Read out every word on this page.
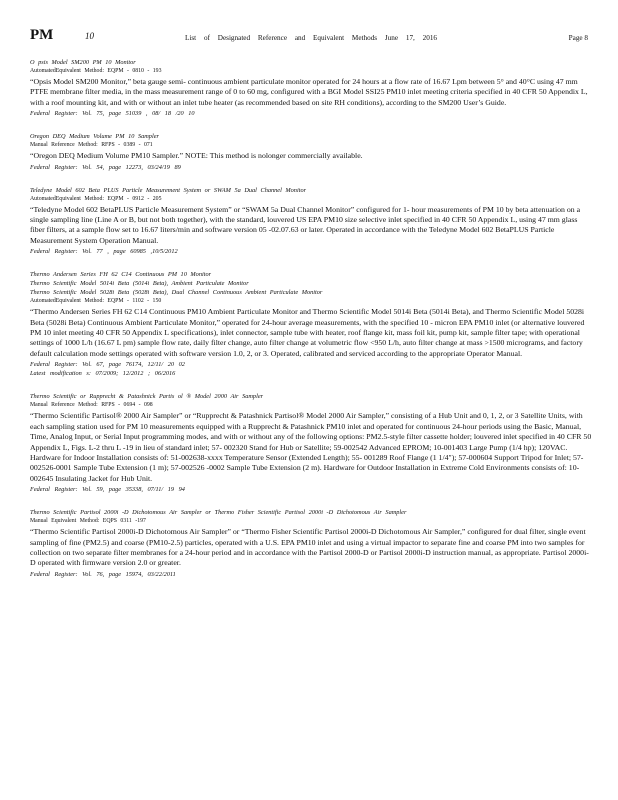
PM	10	List of Designated Reference and Equivalent Methods June 17, 2016	Page 8
O psis Model SM200 PM 10 Monitor
AutomatedEquivalent Method: EQPM - 0810 - 193
“Opsis Model SM200 Monitor,” beta gauge semi- continuous ambient particulate monitor operated for 24 hours at a flow rate of 16.67 Lpm between 5° and 40°C using 47 mm PTFE membrane filter media, in the mass measurement range of 0 to 60 mg, configured with a BGI Model SSI25 PM10 inlet meeting criteria specified in 40 CFR 50 Appendix L, with a roof mounting kit, and with or without an inlet tube heater (as recommended based on site RH conditions), according to the SM200 User’s Guide.
Federal Register: Vol. 75, page 51039 , 08/ 18 /20 10
Oregon DEQ Medium Volume PM 10 Sampler
Manual Reference Method: RFPS - 0389 - 071
“Oregon DEQ Medium Volume PM10 Sampler.” NOTE: This method is nolonger commercially available.
Federal Register: Vol. 54, page 12273, 03/24/19 89
Teledyne Model 602 Beta PLUS Particle Measurement System or SWAM 5a Dual Channel Monitor
AutomatedEquivalent Method: EQPM - 0912 - 205
“Teledyne Model 602 BetaPLUS Particle Measurement System” or “SWAM 5a Dual Channel Monitor” configured for 1- hour measurements of PM 10 by beta attenuation on a single sampling line (Line A or B, but not both together), with the standard, louvered US EPA PM10 size selective inlet specified in 40 CFR 50 Appendix L, using 47 mm glass fiber filters, at a sample flow set to 16.67 liters/min and software version 05 -02.07.63 or later. Operated in accordance with the Teledyne Model 602 BetaPLUS Particle Measurement System Operation Manual.
Federal Register: Vol. 77 , page 60985 ,10/5/2012
Thermo Andersen Series FH 62 C14 Continuous PM 10 Monitor
Thermo Scientific Model 5014i Beta (5014i Beta), Ambient Particulate Monitor
Thermo Scientific Model 5028i Beta (5028i Beta), Dual Channel Continuous Ambient Particulate Monitor
AutomatedEquivalent Method: EQPM - 1102 - 150
“Thermo Andersen Series FH 62 C14 Continuous PM10 Ambient Particulate Monitor and Thermo Scientific Model 5014i Beta (5014i Beta), and Thermo Scientific Model 5028i Beta (5028i Beta) Continuous Ambient Particulate Monitor,” operated for 24-hour average measurements, with the specified 10 - micron EPA PM10 inlet (or alternative louvered PM 10 inlet meeting 40 CFR 50 Appendix L specifications), inlet connector, sample tube with heater, roof flange kit, mass foil kit, pump kit, sample filter tape; with operational settings of 1000 L/h (16.67 L pm) sample flow rate, daily filter change, auto filter change at volumetric flow <950 L/h, auto filter change at mass >1500 micrograms, and factory default calculation mode settings operated with software version 1.0, 2, or 3. Operated, calibrated and serviced according to the appropriate Operator Manual.
Federal Register: Vol. 67, page 76174, 12/11/ 20 02
Latest modification s: 07/2009; 12/2012 ; 06/2016
Thermo Scientific or Rupprecht & Patashnick Partis ol ® Model 2000 Air Sampler
Manual Reference Method: RFPS - 0694 - 098
“Thermo Scientific Partisol® 2000 Air Sampler” or “Rupprecht & Patashnick Partisol® Model 2000 Air Sampler,” consisting of a Hub Unit and 0, 1, 2, or 3 Satellite Units, with each sampling station used for PM 10 measurements equipped with a Rupprecht & Patashnick PM10 inlet and operated for continuous 24-hour periods using the Basic, Manual, Time, Analog Input, or Serial Input programming modes, and with or without any of the following options: PM2.5-style filter cassette holder; louvered inlet specified in 40 CFR 50 Appendix L, Figs. L-2 thru L -19 in lieu of standard inlet; 57- 002320 Stand for Hub or Satellite; 59-002542 Advanced EPROM; 10-001403 Large Pump (1/4 hp); 120VAC. Hardware for Indoor Installation consists of: 51-002638-xxxx Temperature Sensor (Extended Length); 55- 001289 Roof Flange (1 1/4"); 57-000604 Support Tripod for Inlet; 57-002526-0001 Sample Tube Extension (1 m); 57-002526 -0002 Sample Tube Extension (2 m). Hardware for Outdoor Installation in Extreme Cold Environments consists of: 10-002645 Insulating Jacket for Hub Unit.
Federal Register: Vol. 59, page 35338, 07/11/ 19 94
Thermo Scientific Partisol 2000i -D Dichotomous Air Sampler or Thermo Fisher Scientific Partisol 2000i -D Dichotomous Air Sampler
Manual Equivalent Method: EQPS 0311 -197
“Thermo Scientific Partisol 2000i-D Dichotomous Air Sampler” or “Thermo Fisher Scientific Partisol 2000i-D Dichotomous Air Sampler,” configured for dual filter, single event sampling of fine (PM2.5) and coarse (PM10-2.5) particles, operated with a U.S. EPA PM10 inlet and using a virtual impactor to separate fine and coarse PM into two samples for collection on two separate filter membranes for a 24-hour period and in accordance with the Partisol 2000-D or Partisol 2000i-D instruction manual, as appropriate. Partisol 2000i-D operated with firmware version 2.0 or greater.
Federal Register: Vol. 76, page 15974, 03/22/2011
